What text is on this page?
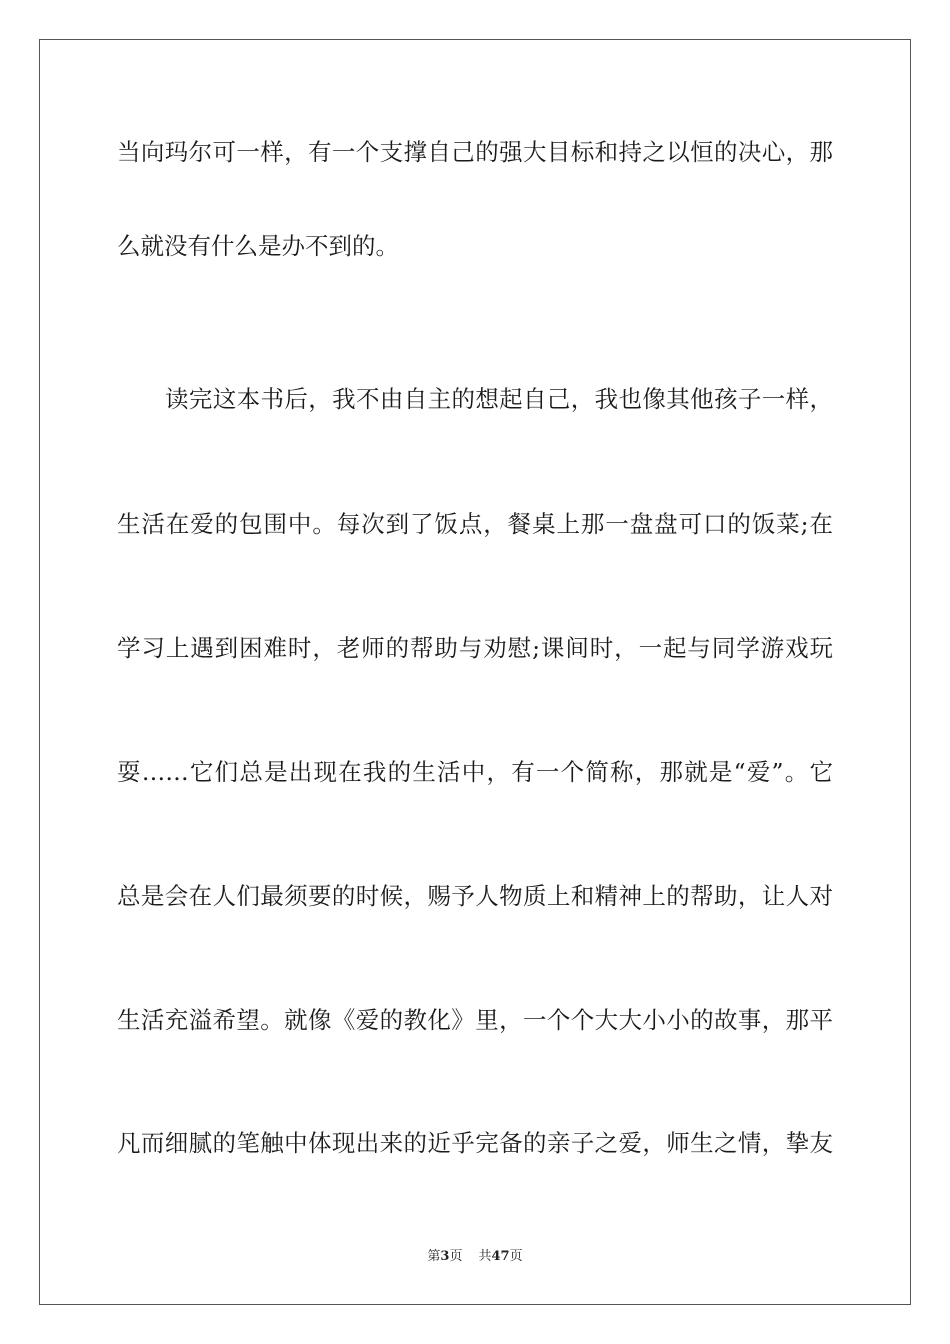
当向玛尔可一样，有一个支撑自己的强大目标和持之以恒的决心，那
么就没有什么是办不到的。
读完这本书后，我不由自主的想起自己，我也像其他孩子一样，
生活在爱的包围中。每次到了饭点，餐桌上那一盘盘可口的饭菜;在
学习上遇到困难时，老师的帮助与劝慰;课间时，一起与同学游戏玩
耍……它们总是出现在我的生活中，有一个简称，那就是“爱”。它
总是会在人们最须要的时候，赐予人物质上和精神上的帮助，让人对
生活充溢希望。就像《爱的教化》里，一个个大大小小的故事，那平
凡而细腻的笔触中体现出来的近乎完备的亲子之爱，师生之情，挚友
第3页 共47页
